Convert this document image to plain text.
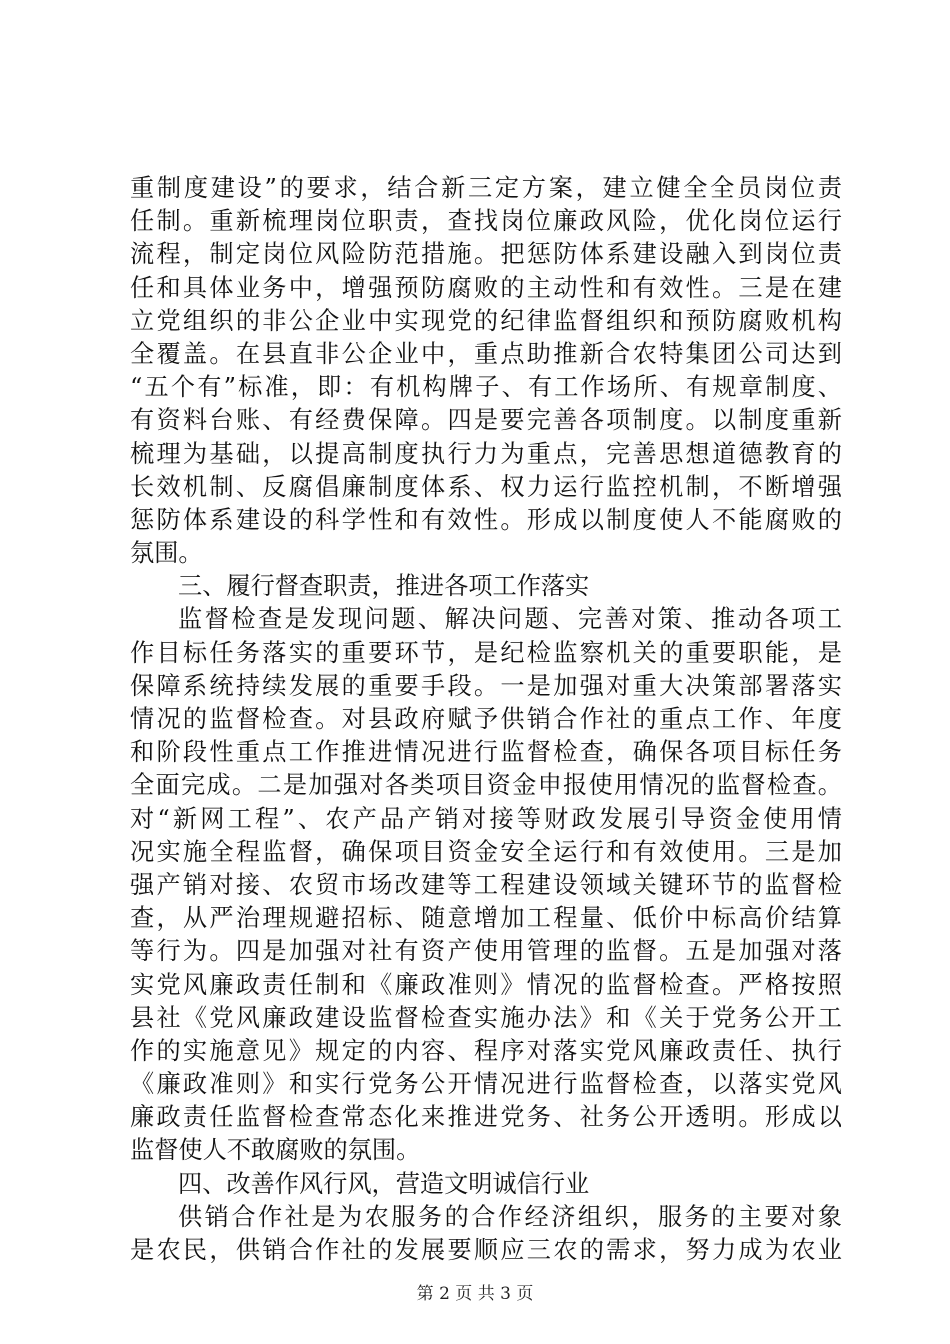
重制度建设”的要求，结合新三定方案，建立健全全员岗位责
任制。重新梳理岗位职责，查找岗位廉政风险，优化岗位运行
流程，制定岗位风险防范措施。把惩防体系建设融入到岗位责
任和具体业务中，增强预防腐败的主动性和有效性。三是在建
立党组织的非公企业中实现党的纪律监督组织和预防腐败机构
全覆盖。在县直非公企业中，重点助推新合农特集团公司达到
“五个有”标准，即：有机构牌子、有工作场所、有规章制度、
有资料台账、有经费保障。四是要完善各项制度。以制度重新
梳理为基础，以提高制度执行力为重点，完善思想道德教育的
长效机制、反腐倡廉制度体系、权力运行监控机制，不断增强
惩防体系建设的科学性和有效性。形成以制度使人不能腐败的
氛围。
三、履行督查职责，推进各项工作落实
监督检查是发现问题、解决问题、完善对策、推动各项工
作目标任务落实的重要环节，是纪检监察机关的重要职能，是
保障系统持续发展的重要手段。一是加强对重大决策部署落实
情况的监督检查。对县政府赋予供销合作社的重点工作、年度
和阶段性重点工作推进情况进行监督检查，确保各项目标任务
全面完成。二是加强对各类项目资金申报使用情况的监督检查。
对“新网工程”、农产品产销对接等财政发展引导资金使用情
况实施全程监督，确保项目资金安全运行和有效使用。三是加
强产销对接、农贸市场改建等工程建设领域关键环节的监督检
查，从严治理规避招标、随意增加工程量、低价中标高价结算
等行为。四是加强对社有资产使用管理的监督。五是加强对落
实党风廉政责任制和《廉政准则》情况的监督检查。严格按照
县社《党风廉政建设监督检查实施办法》和《关于党务公开工
作的实施意见》规定的内容、程序对落实党风廉政责任、执行
《廉政准则》和实行党务公开情况进行监督检查，以落实党风
廉政责任监督检查常态化来推进党务、社务公开透明。形成以
监督使人不敢腐败的氛围。
四、改善作风行风，营造文明诚信行业
供销合作社是为农服务的合作经济组织，服务的主要对象
是农民，供销合作社的发展要顺应三农的需求，努力成为农业
第 2 页 共 3 页
